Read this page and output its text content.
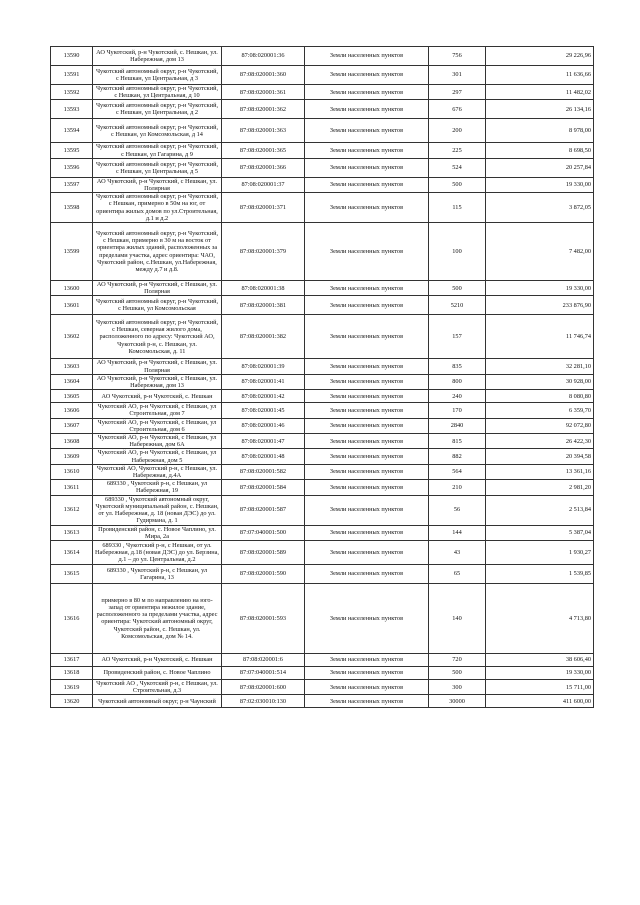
13590	АО Чукотский, р-н Чукотский, с. Нешкан, ул. Набережная, дом 13	87:08:020001:36	Земли населенных пунктов	756	29 226,96
13591	Чукотский автономный округ, р-н Чукотский, с Нешкан, ул Центральная, д 3	87:08:020001:360	Земли населенных пунктов	301	11 636,66
13592	Чукотский автономный округ, р-н Чукотский, с Нешкан, ул Центральная, д 10	87:08:020001:361	Земли населенных пунктов	297	11 482,02
13593	Чукотский автономный округ, р-н Чукотский, с Нешкан, ул Центральная, д 2	87:08:020001:362	Земли населенных пунктов	676	26 134,16
13594	Чукотский автономный округ, р-н Чукотский, с Нешкан, ул Комсомольская, д 14	87:08:020001:363	Земли населенных пунктов	200	8 978,00
13595	Чукотский автономный округ, р-н Чукотский, с Нешкан, ул Гагарина, д 9	87:08:020001:365	Земли населенных пунктов	225	8 698,50
13596	Чукотский автономный округ, р-н Чукотский, с Нешкан, ул Центральная, д 5	87:08:020001:366	Земли населенных пунктов	524	20 257,84
13597	АО Чукотский, р-н Чукотский, с Нешкан, ул. Полярная	87:08:020001:37	Земли населенных пунктов	500	19 330,00
13598	Чукотский автономный округ, р-н Чукотский, с Нешкан, примерно в 50м на юг, от ориентира жилых домов по ул.Строительная, д.1 и д.2	87:08:020001:371	Земли населенных пунктов	115	3 872,05
13599	Чукотский автономный округ, р-н Чукотский, с Нешкан, примерно в 30 м на восток от ориентира жилых зданий, расположенных за пределами участка, адрес ориентира: ЧАО, Чукотский район, с.Нешкан, ул.Набережная, между д.7 и д.8.	87:08:020001:379	Земли населенных пунктов	100	7 482,00
13600	АО Чукотский, р-н Чукотский, с Нешкан, ул. Полярная	87:08:020001:38	Земли населенных пунктов	500	19 330,00
13601	Чукотский автономный округ, р-н Чукотский, с Нешкан, ул Комсомольская	87:08:020001:381	Земли населенных пунктов	5210	233 876,90
13602	Чукотский автономный округ, р-н Чукотский, с Нешкан, северная жилого дома, расположенного по адресу: Чукотский АО, Чукотский р-н, с. Нешкан, ул. Комсомольская, д. 11	87:08:020001:382	Земли населенных пунктов	157	11 746,74
13603	АО Чукотский, р-н Чукотский, с Нешкан, ул. Полярная	87:08:020001:39	Земли населенных пунктов	835	32 281,10
13604	АО Чукотский, р-н Чукотский, с Нешкан, ул. Набережная, дом 13	87:08:020001:41	Земли населенных пунктов	800	30 928,00
13605	АО Чукотский, р-н Чукотский, с. Нешкан	87:08:020001:42	Земли населенных пунктов	240	8 080,80
13606	Чукотский АО, р-н Чукотский, с Нешкан, ул Строительная, дом 7	87:08:020001:45	Земли населенных пунктов	170	6 359,70
13607	Чукотский АО, р-н Чукотский, с Нешкан, ул Строительная, дом 6	87:08:020001:46	Земли населенных пунктов	2840	92 072,80
13608	Чукотский АО, р-н Чукотский, с Нешкан, ул Набережная, дом 6А	87:08:020001:47	Земли населенных пунктов	815	26 422,30
13609	Чукотский АО, р-н Чукотский, с Нешкан, ул Набережная, дом 5	87:08:020001:48	Земли населенных пунктов	882	20 394,58
13610	Чукотский АО, Чукотский р-н, с Нешкан, ул. Набережная, д.4А	87:08:020001:582	Земли населенных пунктов	564	13 361,16
13611	689330 , Чукотский р-н, с Нешкан, ул Набережная, 19	87:08:020001:584	Земли населенных пунктов	210	2 981,20
13612	689330 , Чукотский автономный округ, Чукотский муниципальный район, с. Нешкан, от ул. Набережная, д. 18 (новая ДЭС) до ул. Гудирмана, д. 1	87:08:020001:587	Земли населенных пунктов	56	2 513,84
13613	Провиденский район, с. Новое Чаплино, ул. Мира, 2а	87:07:040001:500	Земли населенных пунктов	144	5 387,04
13614	689330 , Чукотский р-н, с Нешкан, от ул. Набережная, д.18 (новая ДЭС) до ул. Берзина, д.1 – до ул. Центральная, д.2	87:08:020001:589	Земли населенных пунктов	43	1 930,27
13615	689330 , Чукотский р-н, с Нешкан, ул Гагарина, 13	87:08:020001:590	Земли населенных пунктов	65	1 539,85
13616	примерно в 80 м по направлению на юго-запад от ориентира нежилое здание, расположенного за пределами участка, адрес ориентира: Чукотский автономный округ, Чукотский район, с. Нешкан, ул. Комсомольская, дом № 14.	87:08:020001:593	Земли населенных пунктов	140	4 713,80
13617	АО Чукотский, р-н Чукотский, с. Нешкан	87:08:020001:6	Земли населенных пунктов	720	38 606,40
13618	Провиденский район, с. Новое Чаплино	87:07:040001:514	Земли населенных пунктов	500	19 330,00
13619	Чукотский АО , Чукотский р-н, с Нешкан, ул. Строительная, д.3	87:08:020001:600	Земли населенных пунктов	300	15 711,00
13620	Чукотский автономный округ, р-н Чаунский	87:02:030010:130	Земли населенных пунктов	30000	411 600,00
